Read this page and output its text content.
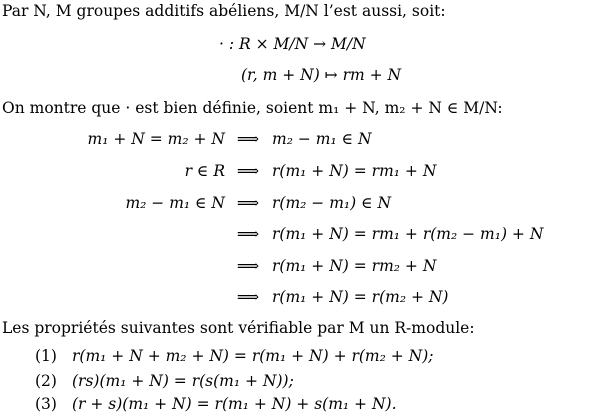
Par N, M groupes additifs abéliens, M/N l’est aussi, soit:
· : R × M/N → M/N
(r, m + N) ↦ rm + N
On montre que · est bien définie, soient m₁ + N, m₂ + N ∈ M/N:
m₁ + N = m₂ + N ⟹ m₂ − m₁ ∈ N
r ∈ R ⟹ r(m₁ + N) = rm₁ + N
m₂ − m₁ ∈ N ⟹ r(m₂ − m₁) ∈ N
⟹ r(m₁ + N) = rm₁ + r(m₂ − m₁) + N
⟹ r(m₁ + N) = rm₂ + N
⟹ r(m₁ + N) = r(m₂ + N)
Les propriétés suivantes sont vérifiable par M un R-module:
(1) r(m₁ + N + m₂ + N) = r(m₁ + N) + r(m₂ + N);
(2) (rs)(m₁ + N) = r(s(m₁ + N));
(3) (r + s)(m₁ + N) = r(m₁ + N) + s(m₁ + N).
